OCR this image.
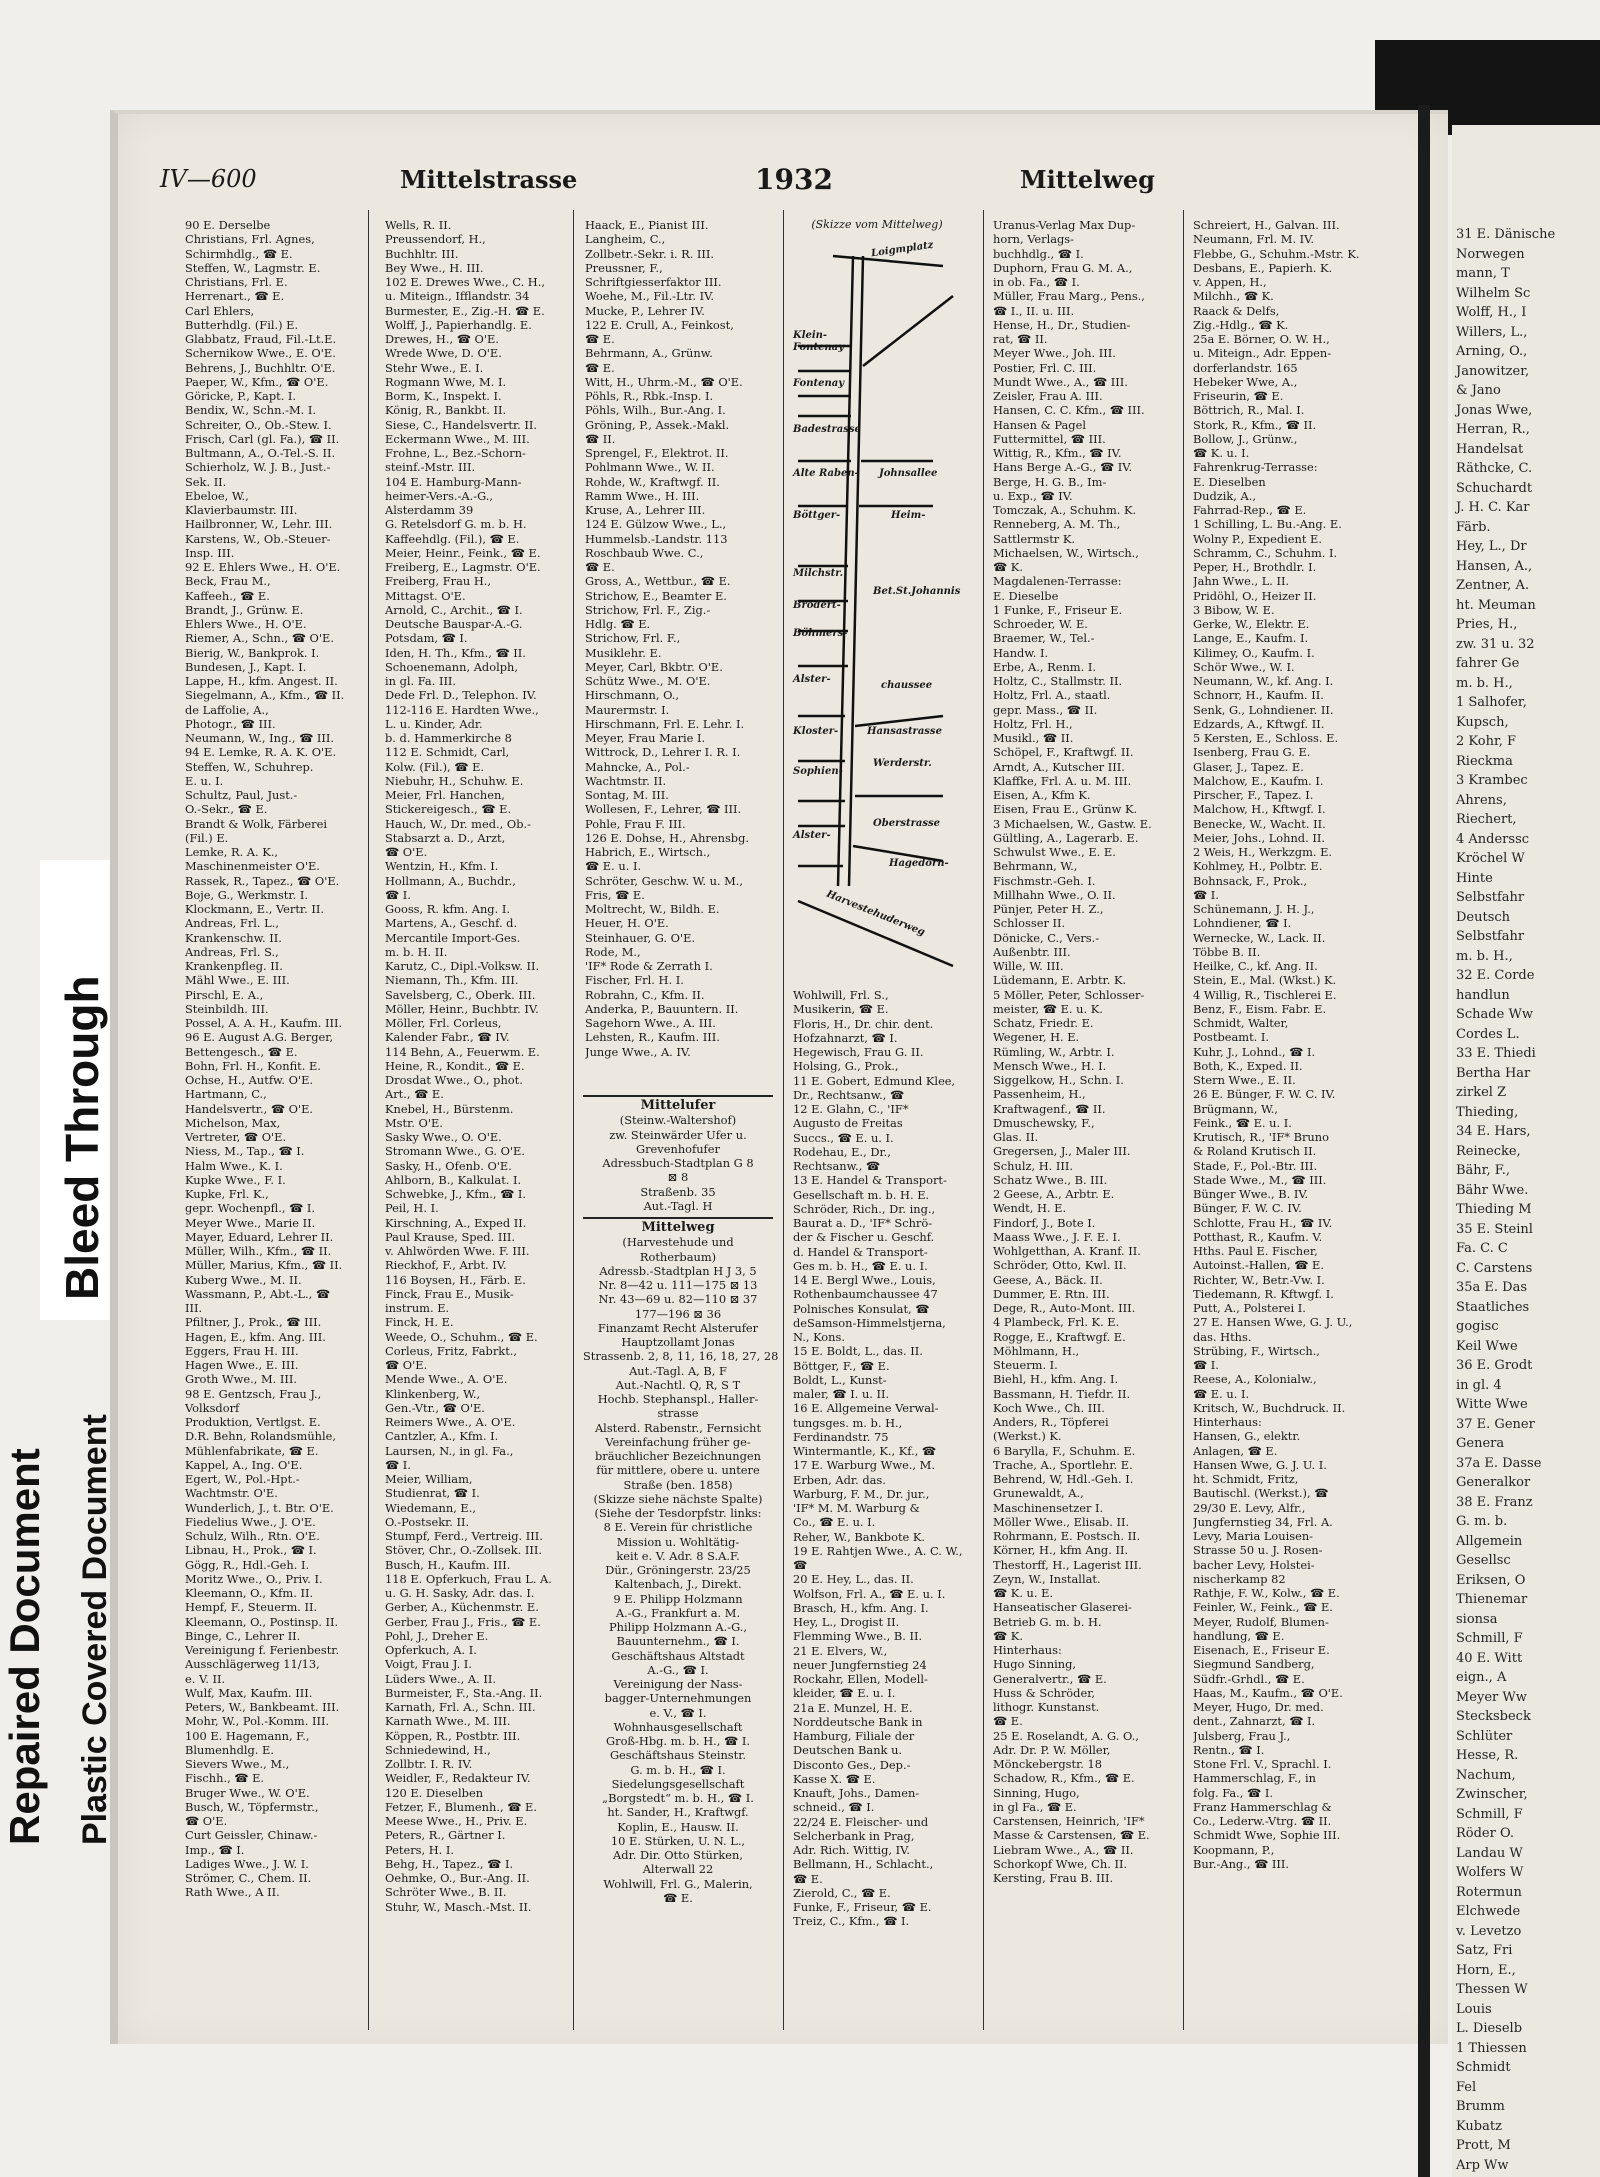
31 E. Dänische
Norwegen
mann, T
Wilhelm Sc
Wolff, H., I
Willers, L.,
Arning, O.,
Janowitzer,
& Jano
Jonas Wwe,
Herran, R.,
Handelsat
Räthcke, C.
Schuchardt
J. H. C. Kar
Färb.
Hey, L., Dr
Hansen, A.,
Zentner, A.
ht. Meuman
Pries, H.,
zw. 31 u. 32
fahrer Ge
m. b. H.,
1 Salhofer,
Kupsch,
2 Kohr, F
Rieckma
3 Krambec
Ahrens,
Riechert,
4 Anderssc
Kröchel W
Hinte
Selbstfahr
Deutsch
Selbstfahr
m. b. H.,
32 E. Corde
handlun
Schade Ww
Cordes L.
33 E. Thiedi
Bertha Har
zirkel Z
Thieding,
34 E. Hars,
Reinecke,
Bähr, F.,
Bähr Wwe.
Thieding M
35 E. Steinl
Fa. C. C
C. Carstens
35a E. Das
Staatliches
gogisc
Keil Wwe
36 E. Grodt
in gl. 4
Witte Wwe
37 E. Gener
Genera
37a E. Dasse
Generalkor
38 E. Franz
G. m. b.
Allgemein
Gesellsc
Eriksen, O
Thienemar
sionsa
Schmill, F
40 E. Witt
eign., A
Meyer Ww
Stecksbeck
Schlüter
Hesse, R.
Nachum,
Zwinscher,
Schmill, F
Röder O.
Landau W
Wolfers W
Rotermun
Elchwede
v. Levetzo
Satz, Fri
Horn, E.,
Thessen W
Louis
L. Dieselb
1 Thiessen
Schmidt
Fel
Brumm
Kubatz
Prott, M
Arp Ww
Bleed Through
Repaired Document Plastic Covered Document
IV—600	Mittelstrasse	1932	Mittelweg
90 E. Derselbe
Christians, Frl. Agnes,
Schirmhdlg., ☎ E.
Steffen, W., Lagmstr. E.
Christians, Frl. E.
Herrenart., ☎ E.
Carl Ehlers,
Butterhdlg. (Fil.) E.
Glabbatz, Fraud, Fil.-Lt.E.
Schernikow Wwe., E. O'E.
Behrens, J., Buchhltr. O'E.
Paeper, W., Kfm., ☎ O'E.
Göricke, P., Kapt. I.
Bendix, W., Schn.-M. I.
Schreiter, O., Ob.-Stew. I.
Frisch, Carl (gl. Fa.), ☎ II.
Bultmann, A., O.-Tel.-S. II.
Schierholz, W. J. B., Just.-
Sek. II.
Ebeloe, W.,
Klavierbaumstr. III.
Hailbronner, W., Lehr. III.
Karstens, W., Ob.-Steuer-
Insp. III.
92 E. Ehlers Wwe., H. O'E.
Beck, Frau M.,
Kaffeeh., ☎ E.
Brandt, J., Grünw. E.
Ehlers Wwe., H. O'E.
Riemer, A., Schn., ☎ O'E.
Bierig, W., Bankprok. I.
Bundesen, J., Kapt. I.
Lappe, H., kfm. Angest. II.
Siegelmann, A., Kfm., ☎ II.
de Laffolie, A.,
Photogr., ☎ III.
Neumann, W., Ing., ☎ III.
94 E. Lemke, R. A. K. O'E.
Steffen, W., Schuhrep.
E. u. I.
Schultz, Paul, Just.-
O.-Sekr., ☎ E.
Brandt & Wolk, Färberei
(Fil.) E.
Lemke, R. A. K.,
Maschinenmeister O'E.
Rassek, R., Tapez., ☎ O'E.
Boje, G., Werkmstr. I.
Klockmann, E., Vertr. II.
Andreas, Frl. L.,
Krankenschw. II.
Andreas, Frl. S.,
Krankenpfleg. II.
Mähl Wwe., E. III.
Pirschl, E. A.,
Steinbildh. III.
Possel, A. A. H., Kaufm. III.
96 E. August A.G. Berger,
Bettengesch., ☎ E.
Bohn, Frl. H., Konfit. E.
Ochse, H., Autfw. O'E.
Hartmann, C.,
Handelsvertr., ☎ O'E.
Michelson, Max,
Vertreter, ☎ O'E.
Niess, M., Tap., ☎ I.
Halm Wwe., K. I.
Kupke Wwe., F. I.
Kupke, Frl. K.,
gepr. Wochenpfl., ☎ I.
Meyer Wwe., Marie II.
Mayer, Eduard, Lehrer II.
Müller, Wilh., Kfm., ☎ II.
Müller, Marius, Kfm., ☎ II.
Kuberg Wwe., M. II.
Wassmann, P., Abt.-L., ☎
III.
Pfiltner, J., Prok., ☎ III.
Hagen, E., kfm. Ang. III.
Eggers, Frau H. III.
Hagen Wwe., E. III.
Groth Wwe., M. III.
98 E. Gentzsch, Frau J.,
Volksdorf
Produktion, Vertlgst. E.
D.R. Behn, Rolandsmühle,
Mühlenfabrikate, ☎ E.
Kappel, A., Ing. O'E.
Egert, W., Pol.-Hpt.-
Wachtmstr. O'E.
Wunderlich, J., t. Btr. O'E.
Fiedelius Wwe., J. O'E.
Schulz, Wilh., Rtn. O'E.
Libnau, H., Prok., ☎ I.
Gögg, R., Hdl.-Geh. I.
Moritz Wwe., O., Priv. I.
Kleemann, O., Kfm. II.
Hempf, F., Steuerm. II.
Kleemann, O., Postinsp. II.
Binge, C., Lehrer II.
Vereinigung f. Ferienbestr.
Ausschlägerweg 11/13,
e. V. II.
Wulf, Max, Kaufm. III.
Peters, W., Bankbeamt. III.
Mohr, W., Pol.-Komm. III.
100 E. Hagemann, F.,
Blumenhdlg. E.
Sievers Wwe., M.,
Fischh., ☎ E.
Bruger Wwe., W. O'E.
Busch, W., Töpfermstr.,
☎ O'E.
Curt Geissler, Chinaw.-
Imp., ☎ I.
Ladiges Wwe., J. W. I.
Strömer, C., Chem. II.
Rath Wwe., A II.
Wells, R. II.
Preussendorf, H.,
Buchhltr. III.
Bey Wwe., H. III.
102 E. Drewes Wwe., C. H.,
u. Miteign., Ifflandstr. 34
Burmester, E., Zig.-H. ☎ E.
Wolff, J., Papierhandlg. E.
Drewes, H., ☎ O'E.
Wrede Wwe, D. O'E.
Stehr Wwe., E. I.
Rogmann Wwe, M. I.
Borm, K., Inspekt. I.
König, R., Bankbt. II.
Siese, C., Handelsvertr. II.
Eckermann Wwe., M. III.
Frohne, L., Bez.-Schorn-
steinf.-Mstr. III.
104 E. Hamburg-Mann-
heimer-Vers.-A.-G.,
Alsterdamm 39
G. Retelsdorf G. m. b. H.
Kaffeehdlg. (Fil.), ☎ E.
Meier, Heinr., Feink., ☎ E.
Freiberg, E., Lagmstr. O'E.
Freiberg, Frau H.,
Mittagst. O'E.
Arnold, C., Archit., ☎ I.
Deutsche Bauspar-A.-G.
Potsdam, ☎ I.
Iden, H. Th., Kfm., ☎ II.
Schoenemann, Adolph,
in gl. Fa. III.
Dede Frl. D., Telephon. IV.
112-116 E. Hardten Wwe.,
L. u. Kinder, Adr.
b. d. Hammerkirche 8
112 E. Schmidt, Carl,
Kolw. (Fil.), ☎ E.
Niebuhr, H., Schuhw. E.
Meier, Frl. Hanchen,
Stickereigesch., ☎ E.
Hauch, W., Dr. med., Ob.-
Stabsarzt a. D., Arzt,
☎ O'E.
Wentzin, H., Kfm. I.
Hollmann, A., Buchdr.,
☎ I.
Gooss, R. kfm. Ang. I.
Martens, A., Geschf. d.
Mercantile Import-Ges.
m. b. H. II.
Karutz, C., Dipl.-Volksw. II.
Niemann, Th., Kfm. III.
Savelsberg, C., Oberk. III.
Möller, Heinr., Buchbtr. IV.
Möller, Frl. Corleus,
Kalender Fabr., ☎ IV.
114 Behn, A., Feuerwm. E.
Heine, R., Kondit., ☎ E.
Drosdat Wwe., O., phot.
Art., ☎ E.
Knebel, H., Bürstenm.
Mstr. O'E.
Sasky Wwe., O. O'E.
Stromann Wwe., G. O'E.
Sasky, H., Ofenb. O'E.
Ahlborn, B., Kalkulat. I.
Schwebke, J., Kfm., ☎ I.
Peil, H. I.
Kirschning, A., Exped II.
Paul Krause, Sped. III.
v. Ahlwörden Wwe. F. III.
Rieckhof, F., Arbt. IV.
116 Boysen, H., Färb. E.
Finck, Frau E., Musik-
instrum. E.
Finck, H. E.
Weede, O., Schuhm., ☎ E.
Corleus, Fritz, Fabrkt.,
☎ O'E.
Mende Wwe., A. O'E.
Klinkenberg, W.,
Gen.-Vtr., ☎ O'E.
Reimers Wwe., A. O'E.
Cantzler, A., Kfm. I.
Laursen, N., in gl. Fa.,
☎ I.
Meier, William,
Studienrat, ☎ I.
Wiedemann, E.,
O.-Postsekr. II.
Stumpf, Ferd., Vertreig. III.
Stöver, Chr., O.-Zollsek. III.
Busch, H., Kaufm. III.
118 E. Opferkuch, Frau L. A.
u. G. H. Sasky, Adr. das. I.
Gerber, A., Küchenmstr. E.
Gerber, Frau J., Fris., ☎ E.
Pohl, J., Dreher E.
Opferkuch, A. I.
Voigt, Frau J. I.
Lüders Wwe., A. II.
Burmeister, F., Sta.-Ang. II.
Karnath, Frl. A., Schn. III.
Karnath Wwe., M. III.
Köppen, R., Postbtr. III.
Schniedewind, H.,
Zollbtr. I. R. IV.
Weidler, F., Redakteur IV.
120 E. Dieselben
Fetzer, F., Blumenh., ☎ E.
Meese Wwe., H., Priv. E.
Peters, R., Gärtner I.
Peters, H. I.
Behg, H., Tapez., ☎ I.
Oehmke, O., Bur.-Ang. II.
Schröter Wwe., B. II.
Stuhr, W., Masch.-Mst. II.
Haack, E., Pianist III.
Langheim, C.,
Zollbetr.-Sekr. i. R. III.
Preussner, F.,
Schriftgiesserfaktor III.
Woehe, M., Fil.-Ltr. IV.
Mucke, P., Lehrer IV.
122 E. Crull, A., Feinkost,
☎ E.
Behrmann, A., Grünw.
☎ E.
Witt, H., Uhrm.-M., ☎ O'E.
Pöhls, R., Rbk.-Insp. I.
Pöhls, Wilh., Bur.-Ang. I.
Gröning, P., Assek.-Makl.
☎ II.
Sprengel, F., Elektrot. II.
Pohlmann Wwe., W. II.
Rohde, W., Kraftwgf. II.
Ramm Wwe., H. III.
Kruse, A., Lehrer III.
124 E. Gülzow Wwe., L.,
Hummelsb.-Landstr. 113
Roschbaub Wwe. C.,
☎ E.
Gross, A., Wettbur., ☎ E.
Strichow, E., Beamter E.
Strichow, Frl. F., Zig.-
Hdlg. ☎ E.
Strichow, Frl. F.,
Musiklehr. E.
Meyer, Carl, Bkbtr. O'E.
Schütz Wwe., M. O'E.
Hirschmann, O.,
Maurermstr. I.
Hirschmann, Frl. E. Lehr. I.
Meyer, Frau Marie I.
Wittrock, D., Lehrer I. R. I.
Mahncke, A., Pol.-
Wachtmstr. II.
Sontag, M. III.
Wollesen, F., Lehrer, ☎ III.
Pohle, Frau F. III.
126 E. Dohse, H., Ahrensbg.
Habrich, E., Wirtsch.,
☎ E. u. I.
Schröter, Geschw. W. u. M.,
Fris, ☎ E.
Moltrecht, W., Bildh. E.
Heuer, H. O'E.
Steinhauer, G. O'E.
Rode, M.,
'IF* Rode & Zerrath I.
Fischer, Frl. H. I.
Robrahn, C., Kfm. II.
Anderka, P., Bauuntern. II.
Sagehorn Wwe., A. III.
Lehsten, R., Kaufm. III.
Junge Wwe., A. IV.
Wohlwill, Frl. S.,
Musikerin, ☎ E.
Floris, H., Dr. chir. dent.
Hofzahnarzt, ☎ I.
Hegewisch, Frau G. II.
Holsing, G., Prok.,
11 E. Gobert, Edmund Klee,
Dr., Rechtsanw., ☎
12 E. Glahn, C., 'IF*
Augusto de Freitas
Succs., ☎ E. u. I.
Rodehau, E., Dr.,
Rechtsanw., ☎
13 E. Handel & Transport-
Gesellschaft m. b. H. E.
Schröder, Rich., Dr. ing.,
Baurat a. D., 'IF* Schrö-
der & Fischer u. Geschf.
d. Handel & Transport-
Ges m. b. H., ☎ E. u. I.
14 E. Bergl Wwe., Louis,
Rothenbaumchaussee 47
Polnisches Konsulat, ☎
deSamson-Himmelstjerna,
N., Kons.
15 E. Boldt, L., das. II.
Böttger, F., ☎ E.
Boldt, L., Kunst-
maler, ☎ I. u. II.
16 E. Allgemeine Verwal-
tungsges. m. b. H.,
Ferdinandstr. 75
Wintermantle, K., Kf., ☎
17 E. Warburg Wwe., M.
Erben, Adr. das.
Warburg, F. M., Dr. jur.,
'IF* M. M. Warburg &
Co., ☎ E. u. I.
Reher, W., Bankbote K.
19 E. Rahtjen Wwe., A. C. W.,
☎
20 E. Hey, L., das. II.
Wolfson, Frl. A., ☎ E. u. I.
Brasch, H., kfm. Ang. I.
Hey, L., Drogist II.
Flemming Wwe., B. II.
21 E. Elvers, W.,
neuer Jungfernstieg 24
Rockahr, Ellen, Modell-
kleider, ☎ E. u. I.
21a E. Munzel, H. E.
Norddeutsche Bank in
Hamburg, Filiale der
Deutschen Bank u.
Disconto Ges., Dep.-
Kasse X. ☎ E.
Knauft, Johs., Damen-
schneid., ☎ I.
22/24 E. Fleischer- und
Selcherbank in Prag,
Adr. Rich. Wittig, IV.
Bellmann, H., Schlacht.,
☎ E.
Zierold, C., ☎ E.
Funke, F., Friseur, ☎ E.
Treiz, C., Kfm., ☎ I.
Uranus-Verlag Max Dup-
horn, Verlags-
buchhdlg., ☎ I.
Duphorn, Frau G. M. A.,
in ob. Fa., ☎ I.
Müller, Frau Marg., Pens.,
☎ I., II. u. III.
Hense, H., Dr., Studien-
rat, ☎ II.
Meyer Wwe., Joh. III.
Postier, Frl. C. III.
Mundt Wwe., A., ☎ III.
Zeisler, Frau A. III.
Hansen, C. C. Kfm., ☎ III.
Hansen & Pagel
Futtermittel, ☎ III.
Wittig, R., Kfm., ☎ IV.
Hans Berge A.-G., ☎ IV.
Berge, H. G. B., Im-
u. Exp., ☎ IV.
Tomczak, A., Schuhm. K.
Renneberg, A. M. Th.,
Sattlermstr K.
Michaelsen, W., Wirtsch.,
☎ K.
Magdalenen-Terrasse:
E. Dieselbe
1 Funke, F., Friseur E.
Schroeder, W. E.
Braemer, W., Tel.-
Handw. I.
Erbe, A., Renm. I.
Holtz, C., Stallmstr. II.
Holtz, Frl. A., staatl.
gepr. Mass., ☎ II.
Holtz, Frl. H.,
Musikl., ☎ II.
Schöpel, F., Kraftwgf. II.
Arndt, A., Kutscher III.
Klaffke, Frl. A. u. M. III.
Eisen, A., Kfm K.
Eisen, Frau E., Grünw K.
3 Michaelsen, W., Gastw. E.
Gültling, A., Lagerarb. E.
Schwulst Wwe., E. E.
Behrmann, W.,
Fischmstr.-Geh. I.
Millhahn Wwe., O. II.
Pünjer, Peter H. Z.,
Schlosser II.
Dönicke, C., Vers.-
Außenbtr. III.
Wille, W. III.
Lüdemann, E. Arbtr. K.
5 Möller, Peter, Schlosser-
meister, ☎ E. u. K.
Schatz, Friedr. E.
Wegener, H. E.
Rümling, W., Arbtr. I.
Mensch Wwe., H. I.
Siggelkow, H., Schn. I.
Passenheim, H.,
Kraftwagenf., ☎ II.
Dmuschewsky, F.,
Glas. II.
Gregersen, J., Maler III.
Schulz, H. III.
Schatz Wwe., B. III.
2 Geese, A., Arbtr. E.
Wendt, H. E.
Findorf, J., Bote I.
Maass Wwe., J. F. E. I.
Wohlgetthan, A. Kranf. II.
Schröder, Otto, Kwl. II.
Geese, A., Bäck. II.
Dummer, E. Rtn. III.
Dege, R., Auto-Mont. III.
4 Plambeck, Frl. K. E.
Rogge, E., Kraftwgf. E.
Möhlmann, H.,
Steuerm. I.
Biehl, H., kfm. Ang. I.
Bassmann, H. Tiefdr. II.
Koch Wwe., Ch. III.
Anders, R., Töpferei
(Werkst.) K.
6 Barylla, F., Schuhm. E.
Trache, A., Sportlehr. E.
Behrend, W, Hdl.-Geh. I.
Grunewaldt, A.,
Maschinensetzer I.
Möller Wwe., Elisab. II.
Rohrmann, E. Postsch. II.
Körner, H., kfm Ang. II.
Thestorff, H., Lagerist III.
Zeyn, W., Installat.
☎ K. u. E.
Hanseatischer Glaserei-
Betrieb G. m. b. H.
☎ K.
Hinterhaus:
Hugo Sinning,
Generalvertr., ☎ E.
Huss & Schröder,
lithogr. Kunstanst.
☎ E.
25 E. Roselandt, A. G. O.,
Adr. Dr. P. W. Möller,
Mönckebergstr. 18
Schadow, R., Kfm., ☎ E.
Sinning, Hugo,
in gl Fa., ☎ E.
Carstensen, Heinrich, 'IF*
Masse & Carstensen, ☎ E.
Liebram Wwe., A., ☎ II.
Schorkopf Wwe, Ch. II.
Kersting, Frau B. III.
Schreiert, H., Galvan. III.
Neumann, Frl. M. IV.
Flebbe, G., Schuhm.-Mstr. K.
Desbans, E., Papierh. K.
v. Appen, H.,
Milchh., ☎ K.
Raack & Delfs,
Zig.-Hdlg., ☎ K.
25a E. Börner, O. W. H.,
u. Miteign., Adr. Eppen-
dorferlandstr. 165
Hebeker Wwe, A.,
Friseurin, ☎ E.
Böttrich, R., Mal. I.
Stork, R., Kfm., ☎ II.
Bollow, J., Grünw.,
☎ K. u. I.
Fahrenkrug-Terrasse:
E. Dieselben
Dudzik, A.,
Fahrrad-Rep., ☎ E.
1 Schilling, L. Bu.-Ang. E.
Wolny P., Expedient E.
Schramm, C., Schuhm. I.
Peper, H., Brothdlr. I.
Jahn Wwe., L. II.
Pridöhl, O., Heizer II.
3 Bibow, W. E.
Gerke, W., Elektr. E.
Lange, E., Kaufm. I.
Kilimey, O., Kaufm. I.
Schör Wwe., W. I.
Neumann, W., kf. Ang. I.
Schnorr, H., Kaufm. II.
Senk, G., Lohndiener. II.
Edzards, A., Kftwgf. II.
5 Kersten, E., Schloss. E.
Isenberg, Frau G. E.
Glaser, J., Tapez. E.
Malchow, E., Kaufm. I.
Pirscher, F., Tapez. I.
Malchow, H., Kftwgf. I.
Benecke, W., Wacht. II.
Meier, Johs., Lohnd. II.
2 Weis, H., Werkzgm. E.
Kohlmey, H., Polbtr. E.
Bohnsack, F., Prok.,
☎ I.
Schünemann, J. H. J.,
Lohndiener, ☎ I.
Wernecke, W., Lack. II.
Többe B. II.
Heilke, C., kf. Ang. II.
Stein, E., Mal. (Wkst.) K.
4 Willig, R., Tischlerei E.
Benz, F., Eism. Fabr. E.
Schmidt, Walter,
Postbeamt. I.
Kuhr, J., Lohnd., ☎ I.
Both, K., Exped. II.
Stern Wwe., E. II.
26 E. Bünger, F. W. C. IV.
Brügmann, W.,
Feink., ☎ E. u. I.
Krutisch, R., 'IF* Bruno
& Roland Krutisch II.
Stade, F., Pol.-Btr. III.
Stade Wwe., M., ☎ III.
Bünger Wwe., B. IV.
Bünger, F. W. C. IV.
Schlotte, Frau H., ☎ IV.
Potthast, R., Kaufm. V.
Hths. Paul E. Fischer,
Autoinst.-Hallen, ☎ E.
Richter, W., Betr.-Vw. I.
Tiedemann, R. Kftwgf. I.
Putt, A., Polsterei I.
27 E. Hansen Wwe, G. J. U.,
das. Hths.
Strübing, F., Wirtsch.,
☎ I.
Reese, A., Kolonialw.,
☎ E. u. I.
Kritsch, W., Buchdruck. II.
Hinterhaus:
Hansen, G., elektr.
Anlagen, ☎ E.
Hansen Wwe, G. J. U. I.
ht. Schmidt, Fritz,
Bautischl. (Werkst.), ☎
29/30 E. Levy, Alfr.,
Jungfernstieg 34, Frl. A.
Levy, Maria Louisen-
Strasse 50 u. J. Rosen-
bacher Levy, Holstei-
nischerkamp 82
Rathje, F. W., Kolw., ☎ E.
Feinler, W., Feink., ☎ E.
Meyer, Rudolf, Blumen-
handlung, ☎ E.
Eisenach, E., Friseur E.
Siegmund Sandberg,
Südfr.-Grhdl., ☎ E.
Haas, M., Kaufm., ☎ O'E.
Meyer, Hugo, Dr. med.
dent., Zahnarzt, ☎ I.
Julsberg, Frau J.,
Rentn., ☎ I.
Stone Frl. V., Sprachl. I.
Hammerschlag, F., in
folg. Fa., ☎ I.
Franz Hammerschlag &
Co., Lederw.-Vtrg. ☎ II.
Schmidt Wwe, Sophie III.
Koopmann, P.,
Bur.-Ang., ☎ III.
Mittelufer
(Steinw.-Waltershof)
zw. Steinwärder Ufer u.
Grevenhofufer
Adressbuch-Stadtplan G 8
⊠ 8
Straßenb. 35
Aut.-Tagl. H
Mittelweg
(Harvestehude und
Rotherbaum)
Adressb.-Stadtplan H J 3, 5
Nr. 8—42 u. 111—175 ⊠ 13
Nr. 43—69 u. 82—110 ⊠ 37
177—196 ⊠ 36
Finanzamt Recht Alsterufer
Hauptzollamt Jonas
Strassenb. 2, 8, 11, 16, 18, 27, 28
Aut.-Tagl. A, B, F
Aut.-Nachtl. Q, R, S T
Hochb. Stephanspl., Haller-
strasse
Alsterd. Rabenstr., Fernsicht
Vereinfachung früher ge-
bräuchlicher Bezeichnungen
für mittlere, obere u. untere
Straße (ben. 1858)
(Skizze siehe nächste Spalte)
(Siehe der Tesdorpfstr. links:
8 E. Verein für christliche
Mission u. Wohltätig-
keit e. V. Adr. 8 S.A.F.
Dür., Gröningerstr. 23/25
Kaltenbach, J., Direkt.
9 E. Philipp Holzmann
A.-G., Frankfurt a. M.
Philipp Holzmann A.-G.,
Bauunternehm., ☎ I.
Geschäftshaus Altstadt
A.-G., ☎ I.
Vereinigung der Nass-
bagger-Unternehmungen
e. V., ☎ I.
Wohnhausgesellschaft
Groß-Hbg. m. b. H., ☎ I.
Geschäftshaus Steinstr.
G. m. b. H., ☎ I.
Siedelungsgesellschaft
„Borgstedt“ m. b. H., ☎ I.
ht. Sander, H., Kraftwgf.
Koplin, E., Hausw. II.
10 E. Stürken, U. N. L.,
Adr. Dir. Otto Stürken,
Alterwall 22
Wohlwill, Frl. G., Malerin,
☎ E.
(Skizze vom Mittelweg)
Loigmplatz
Klein-
Fontenay
Fontenay
Badestrasse
Alte Raben- Johnsallee
Böttger-	Heim-
Milchstr.
Brodert-
Bet.St.Johannis
Böhmers-
Alster-
chaussee
Kloster-	Hansastrasse
Sophien-
Werderstr.
Alster-
Oberstrasse
Harvestehuderweg
Hagedorn-
